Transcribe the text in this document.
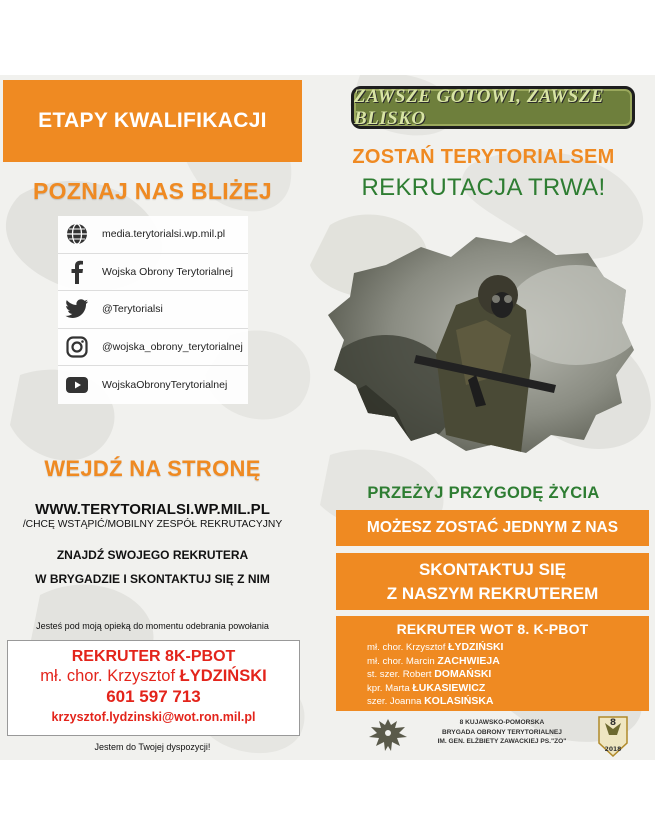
ETAPY KWALIFIKACJI
POZNAJ NAS BLIŻEJ
media.terytorialsi.wp.mil.pl
Wojska Obrony Terytorialnej
@Terytorialsi
@wojska_obrony_terytorialnej
WojskaObronyTerytorialnej
WEJDŹ NA STRONĘ
WWW.TERYTORIALSI.WP.MIL.PL
/CHCĘ WSTĄPIĆ/MOBILNY ZESPÓŁ REKRUTACYJNY
ZNAJDŹ SWOJEGO REKRUTERA
W BRYGADZIE I SKONTAKTUJ SIĘ Z NIM
Jesteś pod moją opieką do momentu odebrania powołania
REKRUTER 8K-PBOT
mł. chor. Krzysztof ŁYDZIŃSKI
601 597 713
krzysztof.lydzinski@wot.ron.mil.pl
Jestem do Twojej dyspozycji!
ZAWSZE GOTOWI, ZAWSZE BLISKO
ZOSTAŃ TERYTORIALSEM
REKRUTACJA TRWA!
PRZEŻYJ PRZYGODĘ ŻYCIA
MOŻESZ ZOSTAĆ JEDNYM Z NAS
SKONTAKTUJ SIĘ
Z NASZYM REKRUTEREM
REKRUTER WOT 8. K-PBOT
mł. chor. Krzysztof ŁYDZIŃSKI
mł. chor. Marcin ZACHWIEJA
st. szer. Robert DOMAŃSKI
kpr. Marta ŁUKASIEWICZ
szer. Joanna KOLASIŃSKA
8 KUJAWSKO-POMORSKA
BRYGADA OBRONY TERYTORIALNEJ
IM. GEN. ELŻBIETY ZAWACKIEJ PS."ZO"
8
2018
